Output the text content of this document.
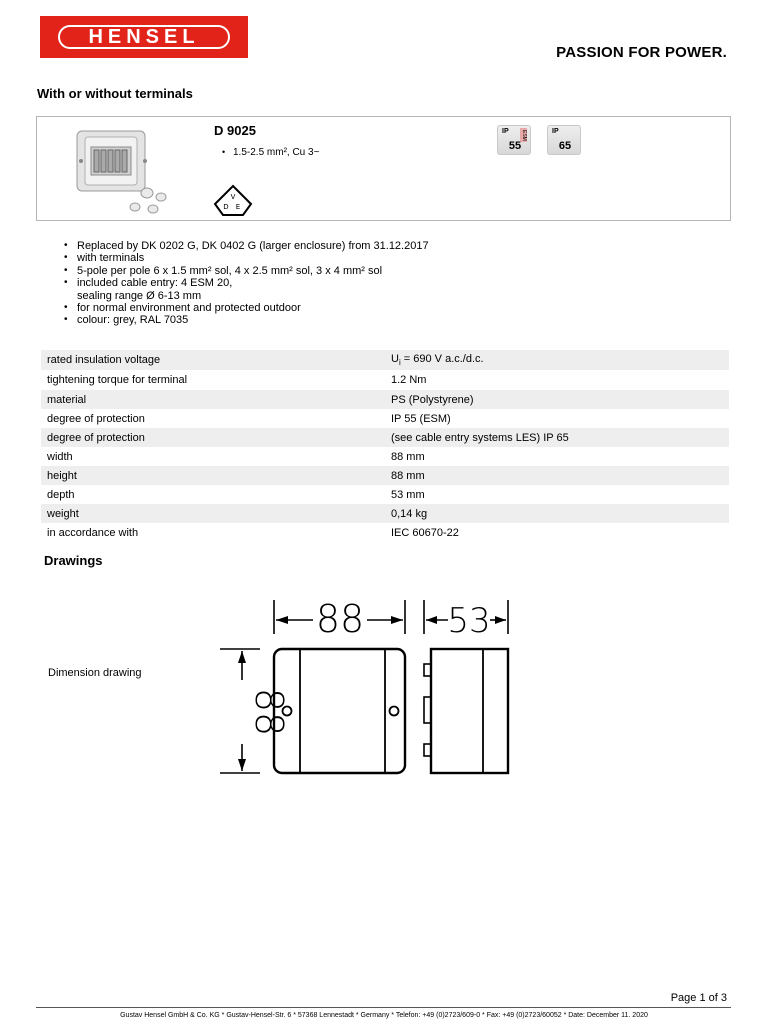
HENSEL
PASSION FOR POWER.
With or without terminals
D 9025
• 1.5-2.5 mm², Cu 3~
V
D E
IP ESM
55
IP
65
• Replaced by DK 0202 G, DK 0402 G (larger enclosure) from 31.12.2017
• with terminals
• 5-pole per pole 6 x 1.5 mm² sol, 4 x 2.5 mm² sol, 3 x 4 mm² sol
• included cable entry: 4 ESM 20,
sealing range Ø 6-13 mm
• for normal environment and protected outdoor
• colour: grey, RAL 7035
rated insulation voltage	$U_i = 690$ V a.c./d.c.
tightening torque for terminal	1.2 Nm
material	PS (Polystyrene)
degree of protection	IP 55 (ESM)
degree of protection	(see cable entry systems LES) IP 65
width	88 mm
height	88 mm
depth	53 mm
weight	0,14 kg
in accordance with	IEC 60670-22
Drawings
Dimension drawing
88 53
88
Page 1 of 3
Gustav Hensel GmbH & Co. KG * Gustav-Hensel-Str. 6 * 57368 Lennestadt * Germany * Telefon: +49 (0)2723/609-0 * Fax: +49 (0)2723/60052 * Date: December 11. 2020
